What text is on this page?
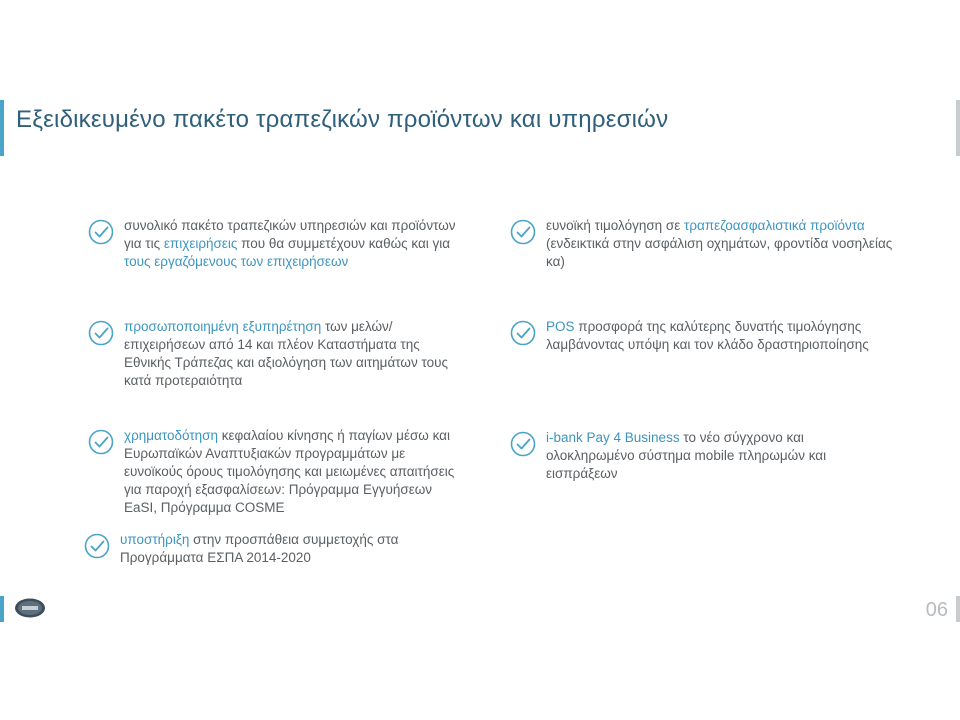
Εξειδικευμένο πακέτο τραπεζικών προϊόντων και υπηρεσιών
συνολικό πακέτο τραπεζικών υπηρεσιών και προϊόντων για τις επιχειρήσεις που θα συμμετέχουν καθώς και για τους εργαζόμενους των επιχειρήσεων
προσωποποιημένη εξυπηρέτηση των μελών/ επιχειρήσεων από 14 και πλέον Καταστήματα της Εθνικής Τράπεζας και αξιολόγηση των αιτημάτων τους κατά προτεραιότητα
χρηματοδότηση κεφαλαίου κίνησης ή παγίων μέσω και Ευρωπαϊκών Αναπτυξιακών προγραμμάτων με ευνοϊκούς όρους τιμολόγησης και μειωμένες απαιτήσεις για παροχή εξασφαλίσεων: Πρόγραμμα Εγγυήσεων EaSI, Πρόγραμμα COSME
υποστήριξη στην προσπάθεια συμμετοχής στα Προγράμματα ΕΣΠΑ 2014-2020
ευνοϊκή τιμολόγηση σε τραπεζοασφαλιστικά προϊόντα (ενδεικτικά στην ασφάλιση οχημάτων, φροντίδα νοσηλείας κα)
POS προσφορά της καλύτερης δυνατής τιμολόγησης λαμβάνοντας υπόψη και τον κλάδο δραστηριοποίησης
i-bank Pay 4 Business το νέο σύγχρονο και ολοκληρωμένο σύστημα mobile πληρωμών και εισπράξεων
06
